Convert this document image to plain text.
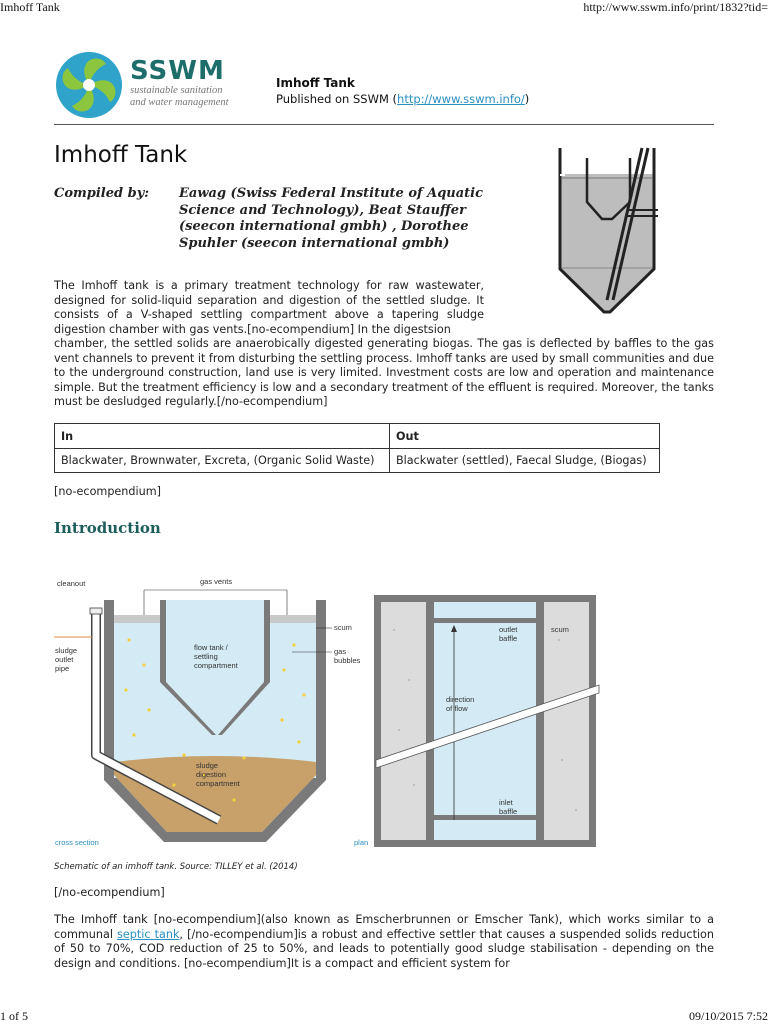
Imhoff Tank	http://www.sswm.info/print/1832?tid=
SSWM
sustainable sanitation
and water management
Imhoff Tank
Published on SSWM (http://www.sswm.info/)
Imhoff Tank
Compiled by: Eawag (Swiss Federal Institute of Aquatic Science and Technology), Beat Stauffer (seecon international gmbh) , Dorothee Spuhler (seecon international gmbh)
The Imhoff tank is a primary treatment technology for raw wastewater, designed for solid-liquid separation and digestion of the settled sludge. It consists of a V-shaped settling compartment above a tapering sludge digestion chamber with gas vents.[no-ecompendium] In the digestsion
chamber, the settled solids are anaerobically digested generating biogas. The gas is deflected by baffles to the gas vent channels to prevent it from disturbing the settling process. Imhoff tanks are used by small communities and due to the underground construction, land use is very limited. Investment costs are low and operation and maintenance simple. But the treatment efficiency is low and a secondary treatment of the effluent is required. Moreover, the tanks must be desludged regularly.[/no-ecompendium]
In	Out
Blackwater, Brownwater, Excreta, (Organic Solid Waste)	Blackwater (settled), Faecal Sludge, (Biogas)
[no-ecompendium]
Introduction
cleanout	gas vents
scum
sludge
outlet
pipe
flow tank /
settling
compartment
gas
bubbles
sludge
digestion
compartment
cross section
outlet
baffle
scum
direction
of flow
inlet
baffle
plan
Schematic of an imhoff tank. Source: TILLEY et al. (2014)
[/no-ecompendium]
The Imhoff tank [no-ecompendium](also known as Emscherbrunnen or Emscher Tank), which works similar to a communal septic tank, [/no-ecompendium]is a robust and effective settler that causes a suspended solids reduction of 50 to 70%, COD reduction of 25 to 50%, and leads to potentially good sludge stabilisation - depending on the design and conditions. [no-ecompendium]It is a compact and efficient system for
1 of 5	09/10/2015 7:52
